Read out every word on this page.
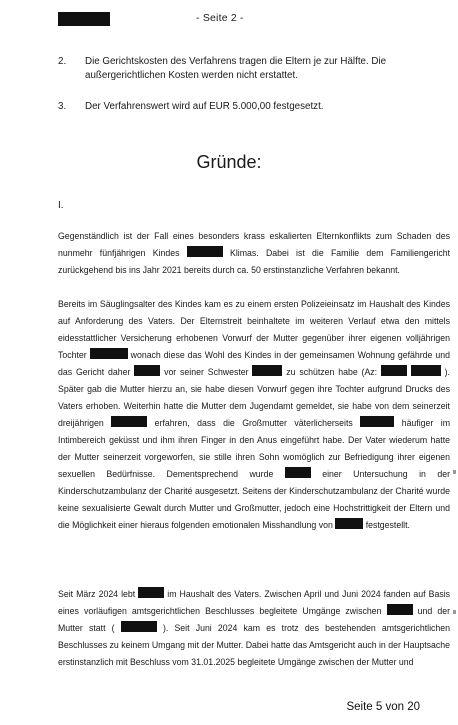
- Seite 2 -
2.	Die Gerichtskosten des Verfahrens tragen die Eltern je zur Hälfte. Die außergerichtlichen Kosten werden nicht erstattet.
3.	Der Verfahrenswert wird auf EUR 5.000,00 festgesetzt.
Gründe:
I.
Gegenständlich ist der Fall eines besonders krass eskalierten Elternkonflikts zum Schaden des nunmehr fünfjährigen Kindes	Klimas. Dabei ist die Familie dem Familiengericht zurückgehend bis ins Jahr 2021 bereits durch ca. 50 erstinstanzliche Verfahren bekannt.
Bereits im Säuglingsalter des Kindes kam es zu einem ersten Polizeieinsatz im Haushalt des Kindes auf Anforderung des Vaters. Der Elternstreit beinhaltete im weiteren Verlauf etwa den mittels eidesstattlicher Versicherung erhobenen Vorwurf der Mutter gegenüber ihrer eigenen volljährigen Tochter	wonach diese das Wohl des Kindes in der gemeinsamen Wohnung gefährde und das Gericht daher	vor seiner Schwester	zu schützen habe (Az:	). Später gab die Mutter hierzu an, sie habe diesen Vorwurf gegen ihre Tochter aufgrund Drucks des Vaters erhoben. Weiterhin hatte die Mutter dem Jugendamt gemeldet, sie habe von dem seinerzeit dreijährigen	erfahren, dass die Großmutter väterlicherseits	häufiger im Intimbereich geküsst und ihm ihren Finger in den Anus eingeführt habe. Der Vater wiederum hatte der Mutter seinerzeit vorgeworfen, sie stille ihren Sohn womöglich zur Befriedigung ihrer eigenen sexuellen Bedürfnisse. Dementsprechend wurde	einer Untersuchung in der Kinderschutzambulanz der Charité ausgesetzt. Seitens der Kinderschutzambulanz der Charité wurde keine sexualisierte Gewalt durch Mutter und Großmutter, jedoch eine Hochstrittigkeit der Eltern und die Möglichkeit einer hieraus folgenden emotionalen Misshandlung von	festgestellt.
Seit März 2024 lebt	im Haushalt des Vaters. Zwischen April und Juni 2024 fanden auf Basis eines vorläufigen amtsgerichtlichen Beschlusses begleitete Umgänge zwischen	und der Mutter statt (	). Seit Juni 2024 kam es trotz des bestehenden amtsgerichtlichen Beschlusses zu keinem Umgang mit der Mutter. Dabei hatte das Amtsgericht auch in der Hauptsache erstinstanzlich mit Beschluss vom 31.01.2025 begleitete Umgänge zwischen der Mutter und
Seite 5 von 20
